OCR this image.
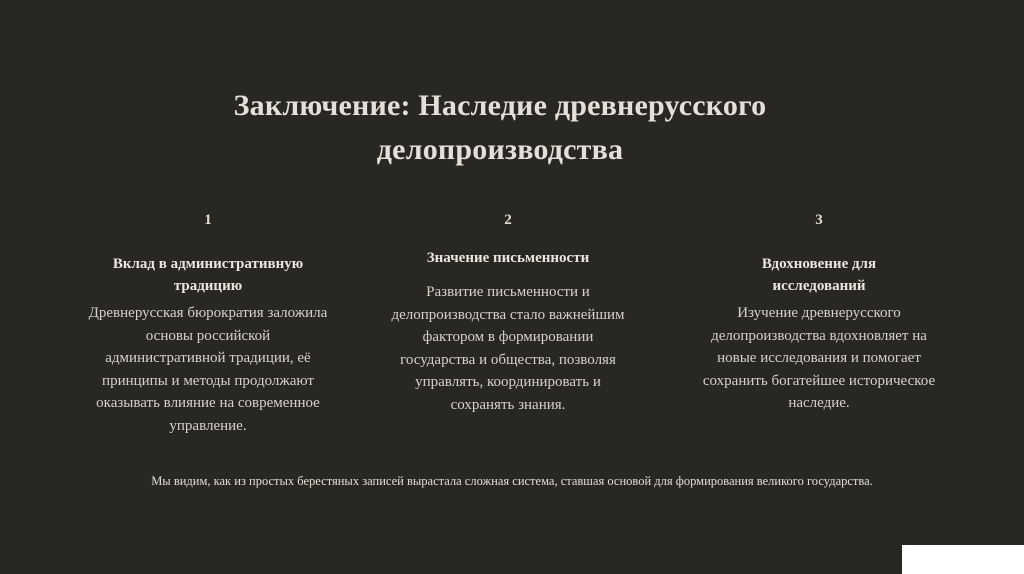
Заключение: Наследие древнерусского
делопроизводства
1
Вклад в административную
традицию
Древнерусская бюрократия заложила
основы российской
административной традиции, её
принципы и методы продолжают
оказывать влияние на современное
управление.
2
Значение письменности
Развитие письменности и
делопроизводства стало важнейшим
фактором в формировании
государства и общества, позволяя
управлять, координировать и
сохранять знания.
3
Вдохновение для
исследований
Изучение древнерусского
делопроизводства вдохновляет на
новые исследования и помогает
сохранить богатейшее историческое
наследие.
Мы видим, как из простых берестяных записей вырастала сложная система, ставшая основой для формирования великого государства.
